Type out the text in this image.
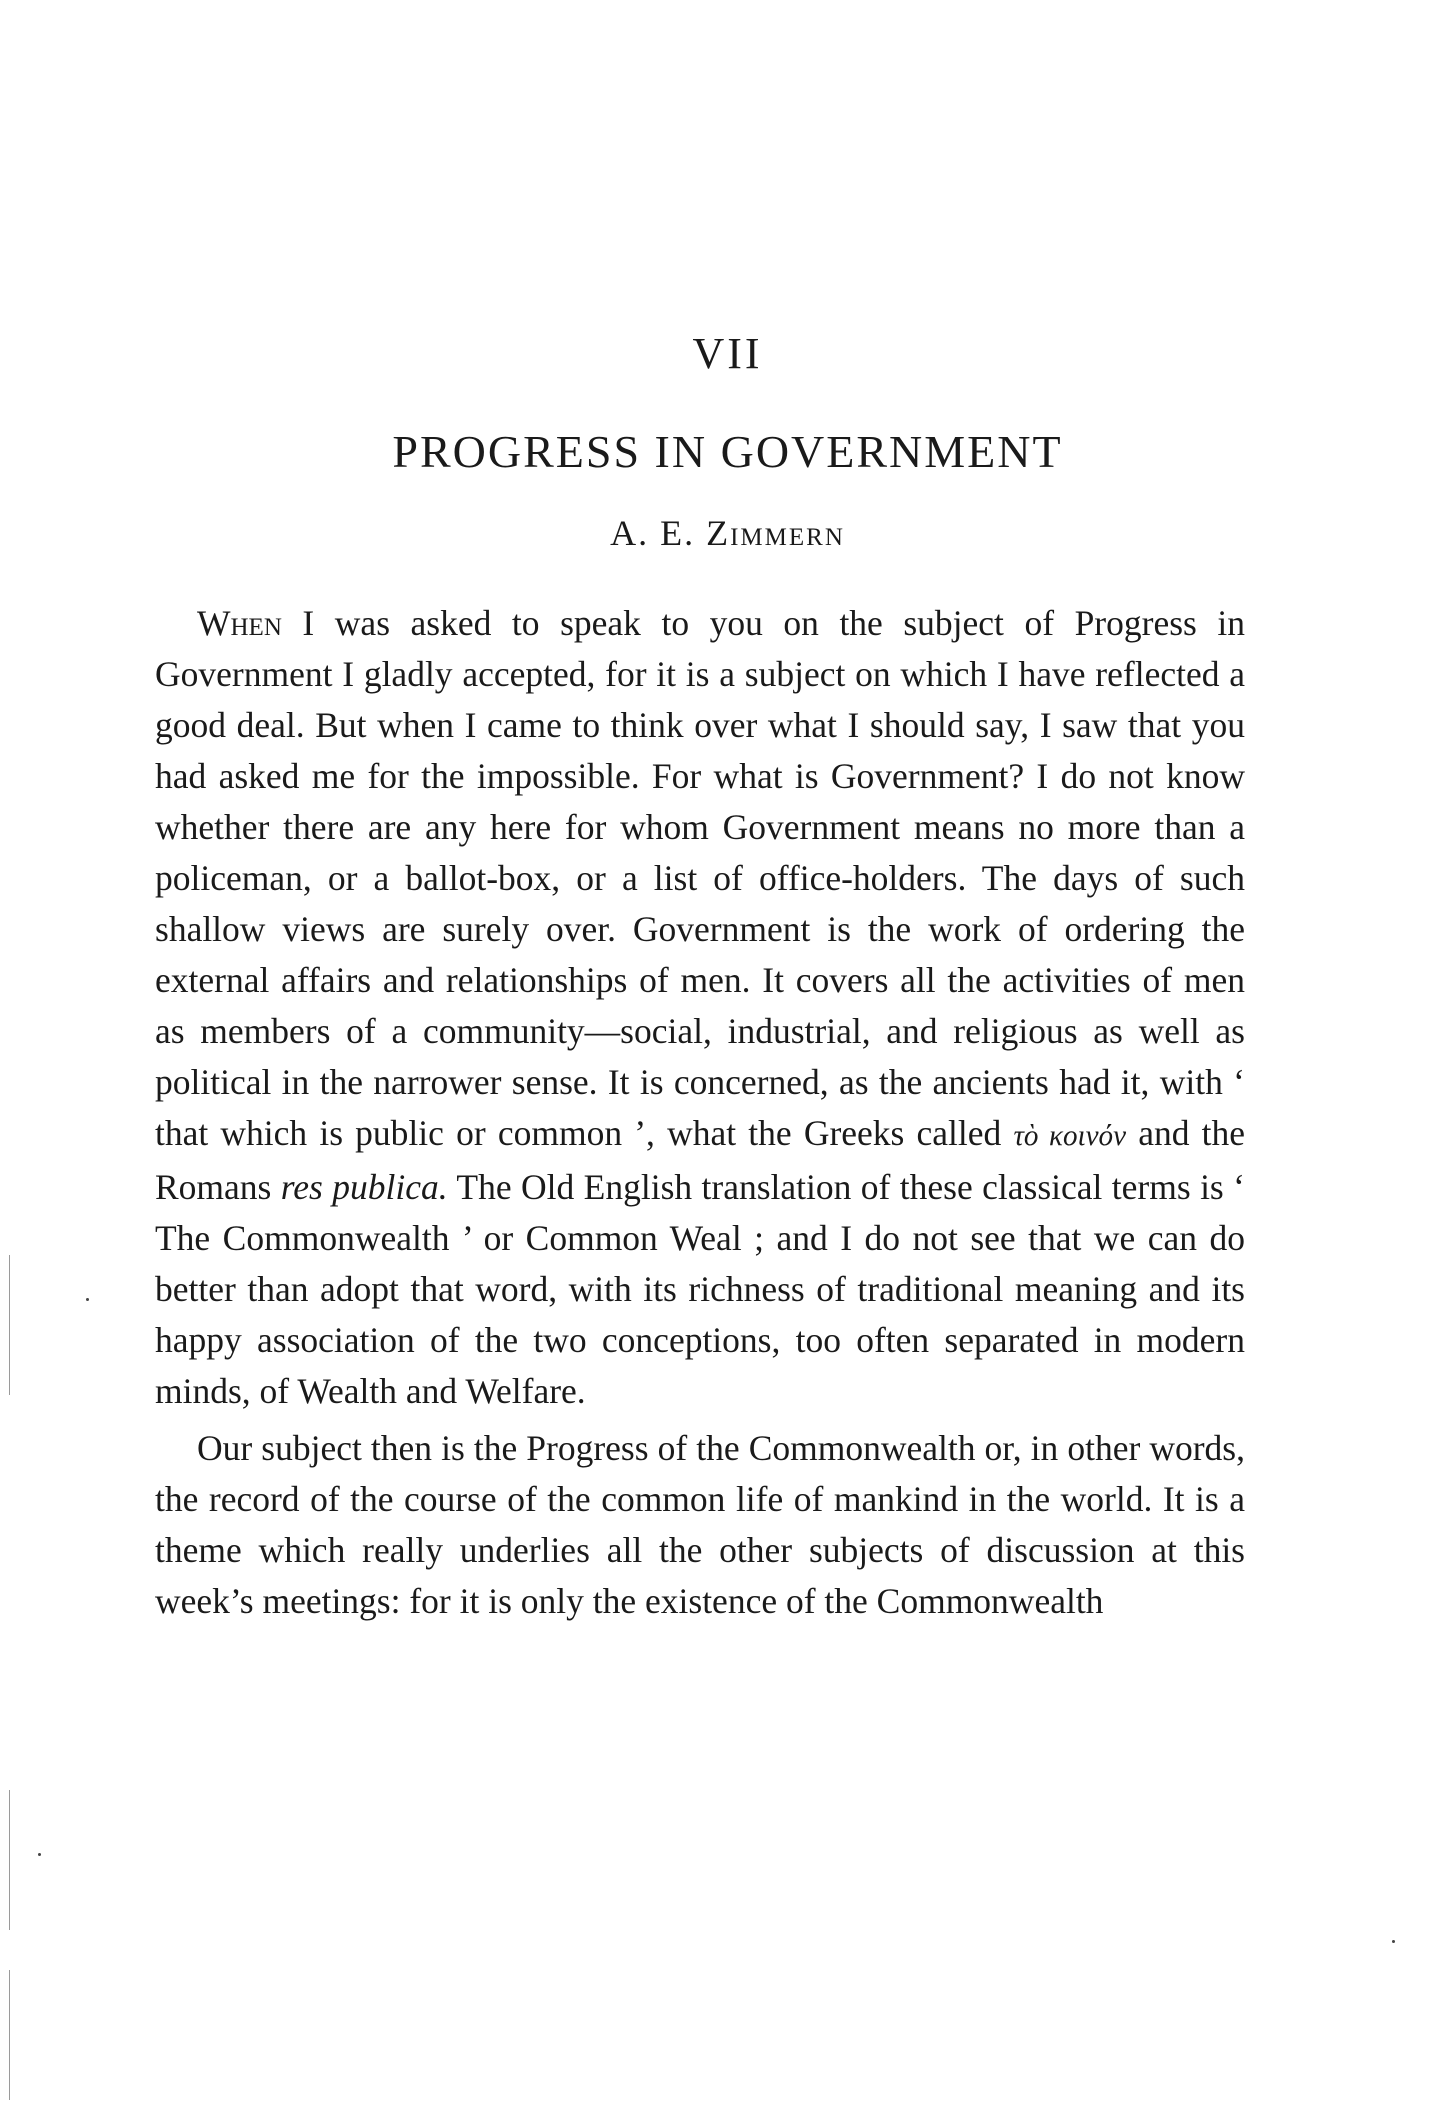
VII
PROGRESS IN GOVERNMENT
A. E. Zimmern

When I was asked to speak to you on the subject of Progress in Government I gladly accepted, for it is a subject on which I have reflected a good deal. But when I came to think over what I should say, I saw that you had asked me for the impossible. For what is Government? I do not know whether there are any here for whom Government means no more than a policeman, or a ballot-box, or a list of office-holders. The days of such shallow views are surely over. Government is the work of ordering the external affairs and relationships of men. It covers all the activities of men as members of a community—social, industrial, and religious as well as political in the narrower sense. It is concerned, as the ancients had it, with ‘ that which is public or common ’, what the Greeks called τὸ κοινόν and the Romans res publica. The Old English translation of these classical terms is ‘ The Commonwealth ’ or Common Weal ; and I do not see that we can do better than adopt that word, with its richness of traditional meaning and its happy association of the two conceptions, too often separated in modern minds, of Wealth and Welfare.

Our subject then is the Progress of the Commonwealth or, in other words, the record of the course of the common life of mankind in the world. It is a theme which really underlies all the other subjects of discussion at this week’s meetings: for it is only the existence of the Commonwealth
